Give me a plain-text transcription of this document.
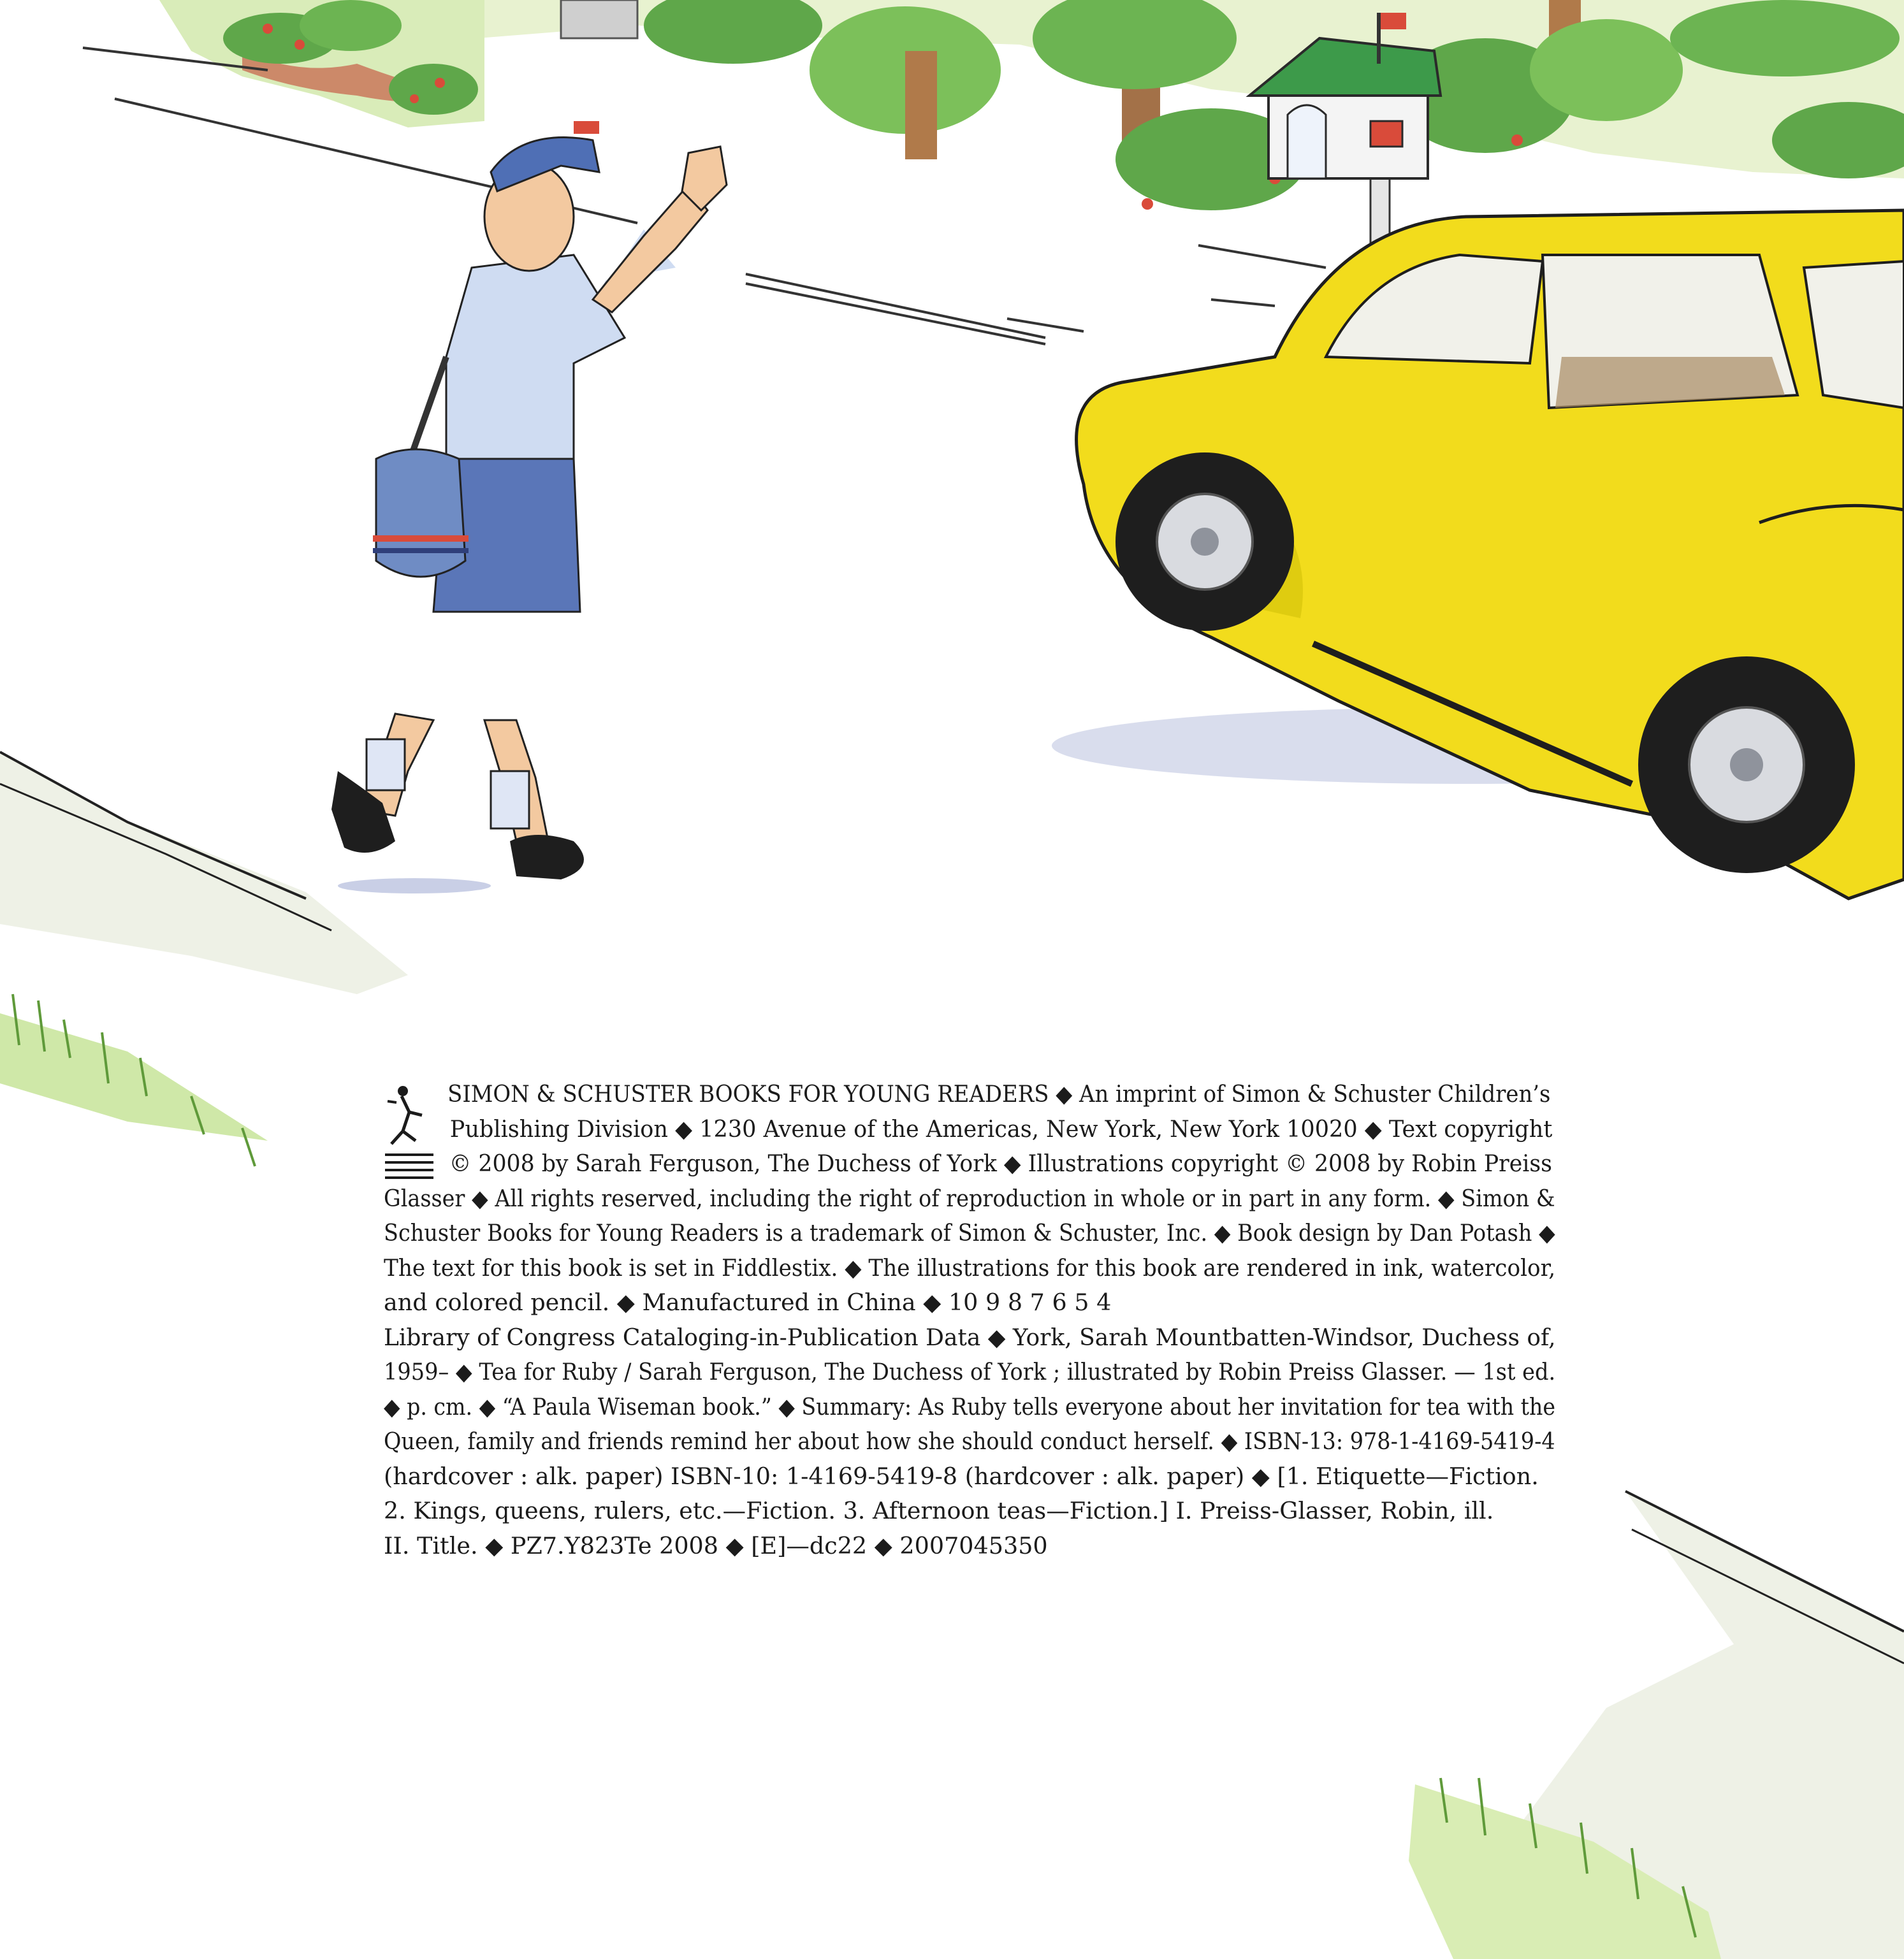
SIMON & SCHUSTER BOOKS FOR YOUNG READERS ◆ An imprint of Simon & Schuster Children’s
Publishing Division ◆ 1230 Avenue of the Americas, New York, New York 10020 ◆ Text copyright
© 2008 by Sarah Ferguson, The Duchess of York ◆ Illustrations copyright © 2008 by Robin Preiss
Glasser ◆ All rights reserved, including the right of reproduction in whole or in part in any form. ◆ Simon &
Schuster Books for Young Readers is a trademark of Simon & Schuster, Inc. ◆ Book design by Dan Potash ◆
The text for this book is set in Fiddlestix. ◆ The illustrations for this book are rendered in ink, watercolor,
and colored pencil. ◆ Manufactured in China ◆ 10 9 8 7 6 5 4
Library of Congress Cataloging-in-Publication Data ◆ York, Sarah Mountbatten-Windsor, Duchess of,
1959– ◆ Tea for Ruby / Sarah Ferguson, The Duchess of York ; illustrated by Robin Preiss Glasser. — 1st ed.
◆ p. cm. ◆ “A Paula Wiseman book.” ◆ Summary: As Ruby tells everyone about her invitation for tea with the
Queen, family and friends remind her about how she should conduct herself. ◆ ISBN-13: 978-1-4169-5419-4
(hardcover : alk. paper) ISBN-10: 1-4169-5419-8 (hardcover : alk. paper) ◆ [1. Etiquette—Fiction.
2. Kings, queens, rulers, etc.—Fiction. 3. Afternoon teas—Fiction.] I. Preiss-Glasser, Robin, ill.
II. Title. ◆ PZ7.Y823Te 2008 ◆ [E]—dc22 ◆ 2007045350
